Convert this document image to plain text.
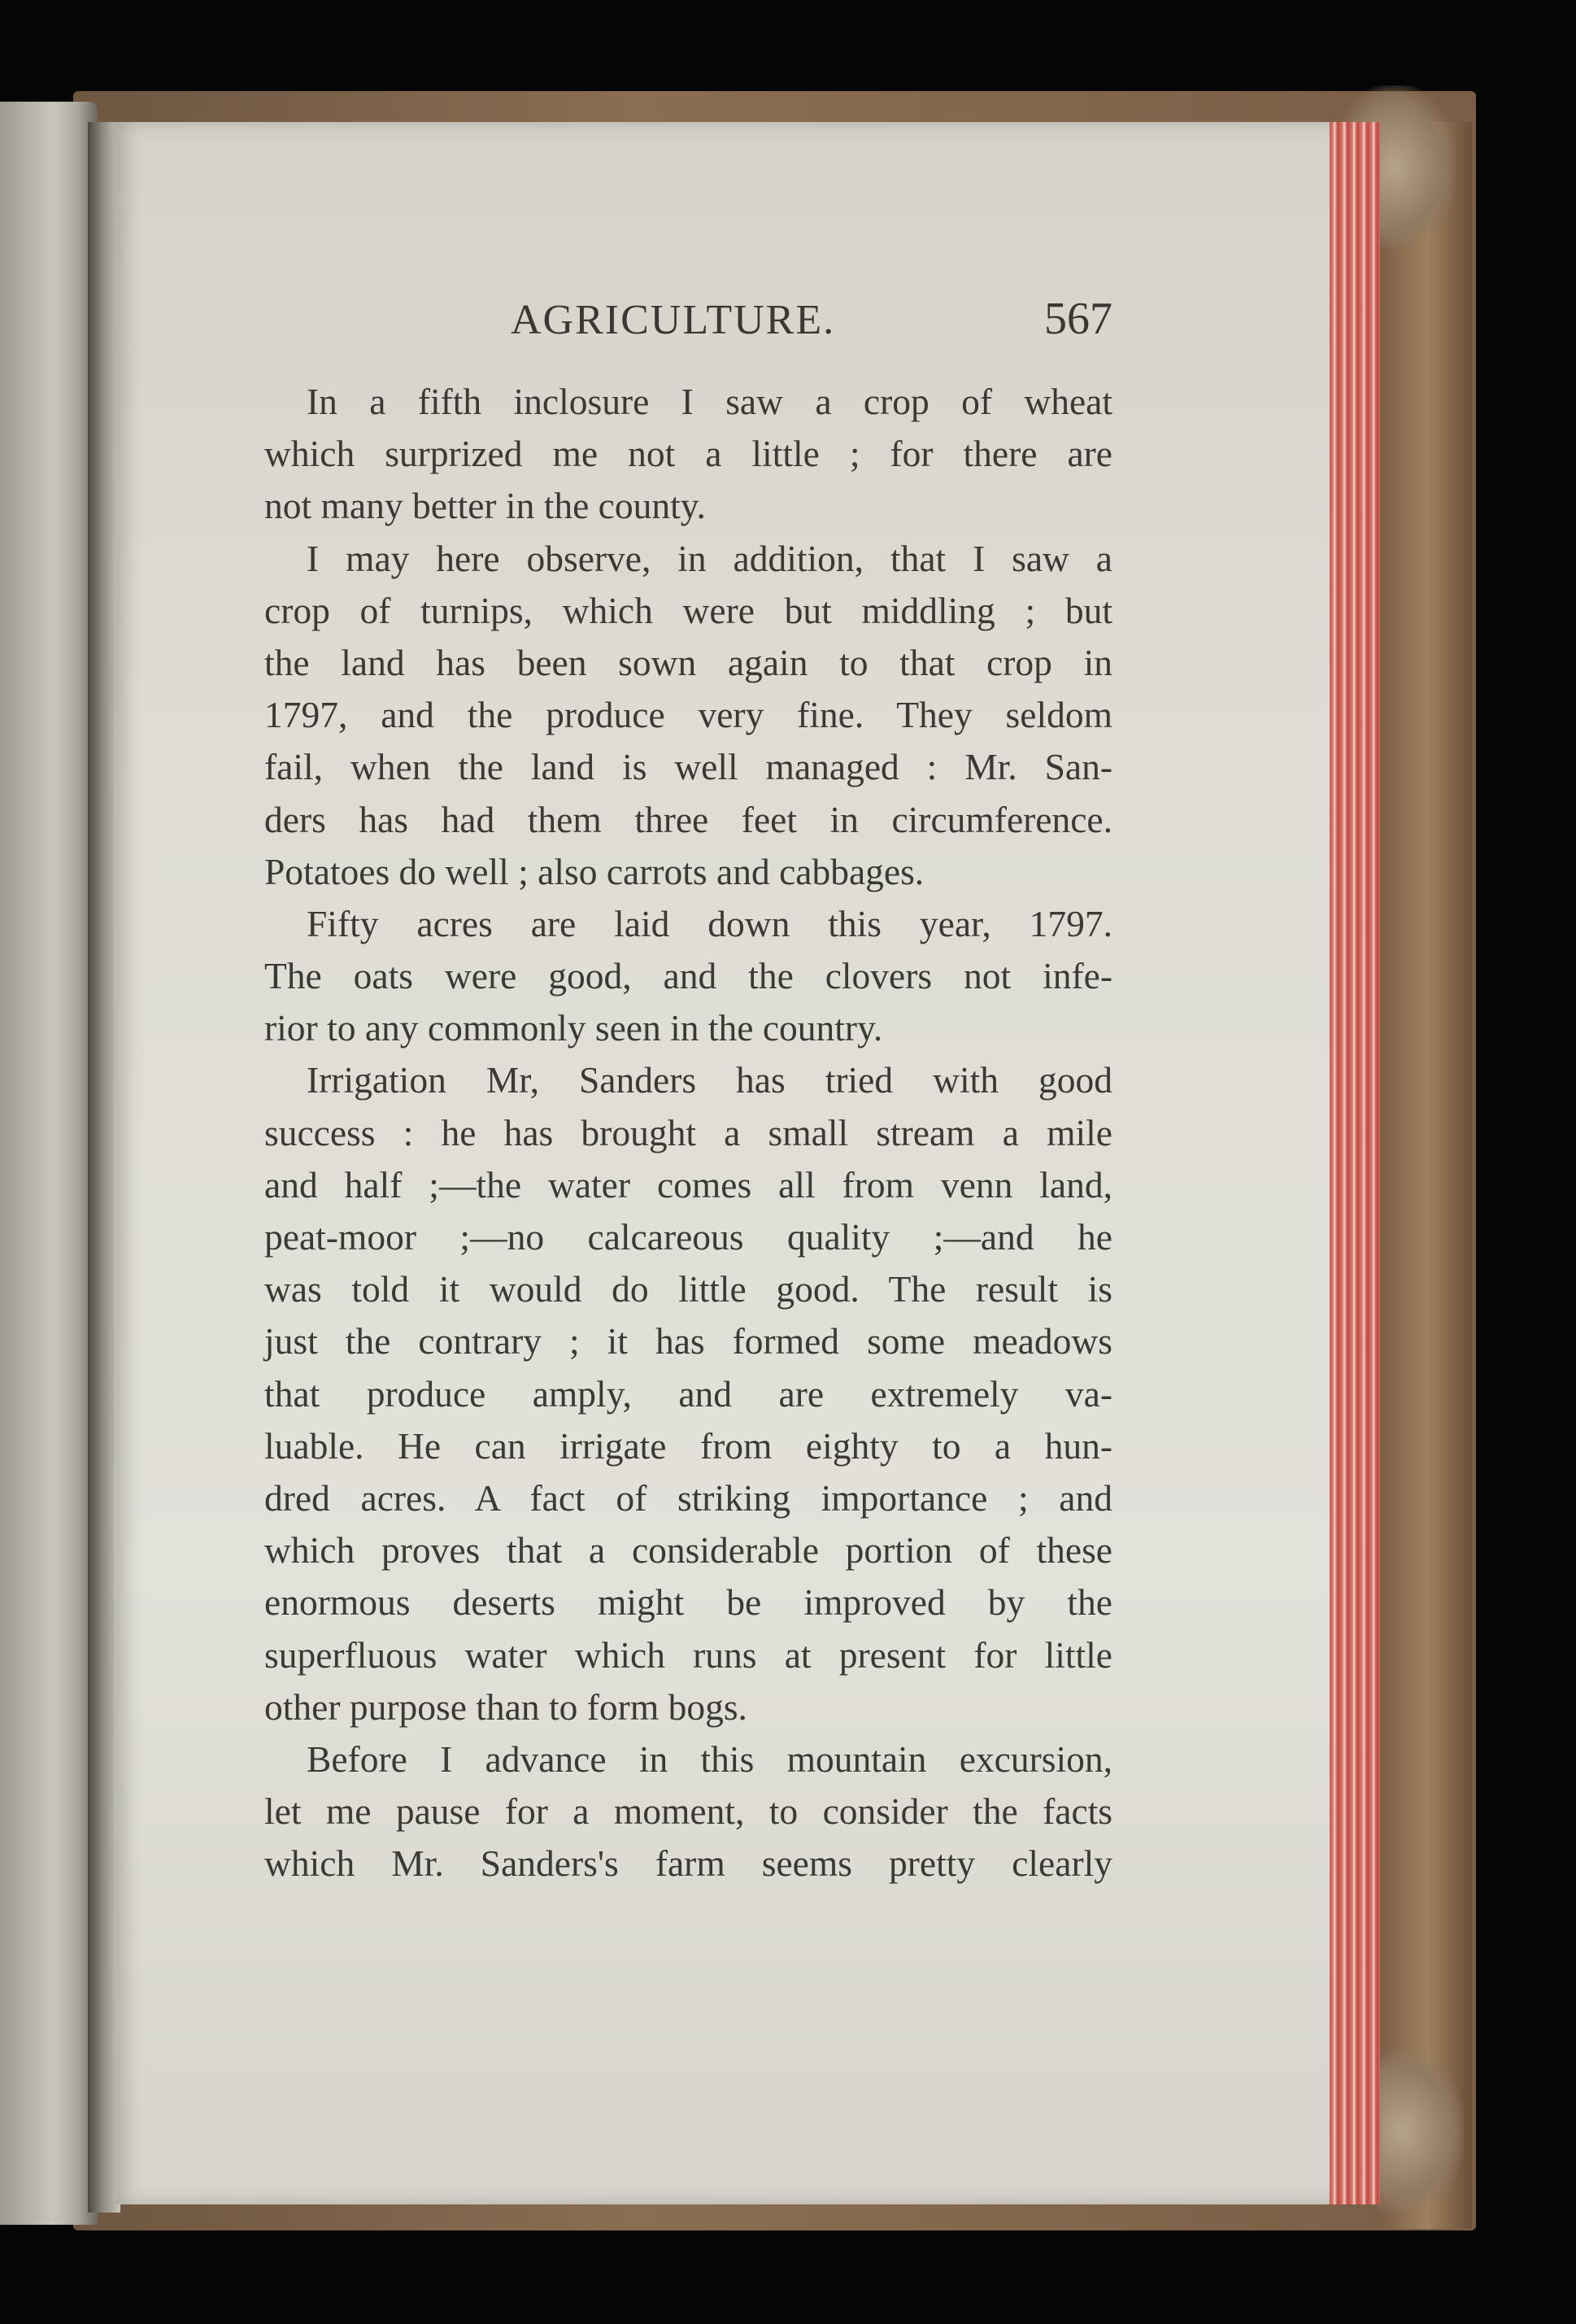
AGRICULTURE.	567
In a fifth inclosure I saw a crop of wheat
which surprized me not a little ; for there are
not many better in the county.
I may here observe, in addition, that I saw a
crop of turnips, which were but middling ; but
the land has been sown again to that crop in
1797, and the produce very fine. They seldom
fail, when the land is well managed : Mr. San-
ders has had them three feet in circumference.
Potatoes do well ; also carrots and cabbages.
Fifty acres are laid down this year, 1797.
The oats were good, and the clovers not infe-
rior to any commonly seen in the country.
Irrigation Mr, Sanders has tried with good
success : he has brought a small stream a mile
and half ;—the water comes all from venn land,
peat-moor ;—no calcareous quality ;—and he
was told it would do little good. The result is
just the contrary ; it has formed some meadows
that produce amply, and are extremely va-
luable. He can irrigate from eighty to a hun-
dred acres. A fact of striking importance ; and
which proves that a considerable portion of these
enormous deserts might be improved by the
superfluous water which runs at present for little
other purpose than to form bogs.
Before I advance in this mountain excursion,
let me pause for a moment, to consider the facts
which Mr. Sanders's farm seems pretty clearly
